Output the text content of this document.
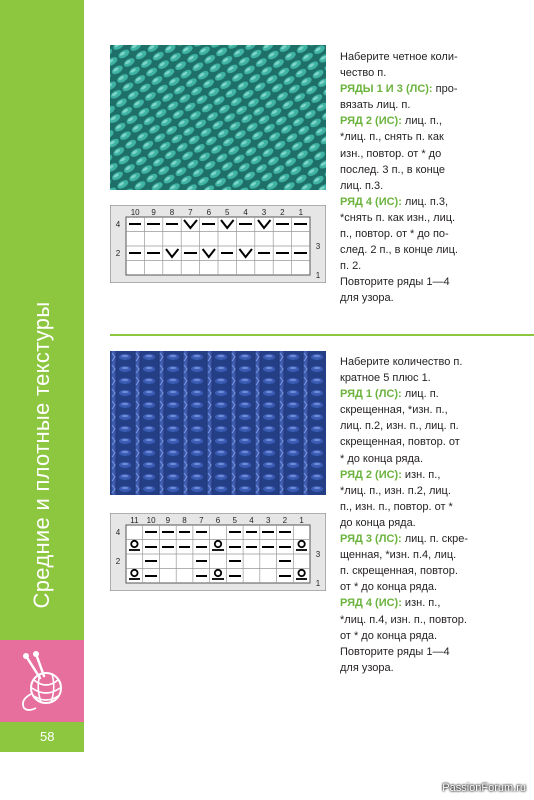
Средние и плотные текстуры
58
10 9 8 7 6 5 4 3 2 1
4
2
3
1

Наберите четное коли-

чество п.

РЯДЫ 1 И 3 (ЛС): про-

вязать лиц. п.

РЯД 2 (ИС): лиц. п.,

*лиц. п., снять п. как

изн., повтор. от * до

послед. 3 п., в конце

лиц. п.3.

РЯД 4 (ИС): лиц. п.3,

*снять п. как изн., лиц.

п., повтор. от * до по-

след. 2 п., в конце лиц.

п. 2.

Повторите ряды 1—4

для узора.

11 10 9 8 7 6 5 4 3 2 1
4
2
3
1

Наберите количество п.

кратное 5 плюс 1.

РЯД 1 (ЛС): лиц. п.

скрещенная, *изн. п.,

лиц. п.2, изн. п., лиц. п.

скрещенная, повтор. от

* до конца ряда.

РЯД 2 (ИС): изн. п.,

*лиц. п., изн. п.2, лиц.

п., изн. п., повтор. от *

до конца ряда.

РЯД 3 (ЛС): лиц. п. скре-

щенная, *изн. п.4, лиц.

п. скрещенная, повтор.

от * до конца ряда.

РЯД 4 (ИС): изн. п.,

*лиц. п.4, изн. п., повтор.

от * до конца ряда.

Повторите ряды 1—4

для узора.

PassionForum.ru
